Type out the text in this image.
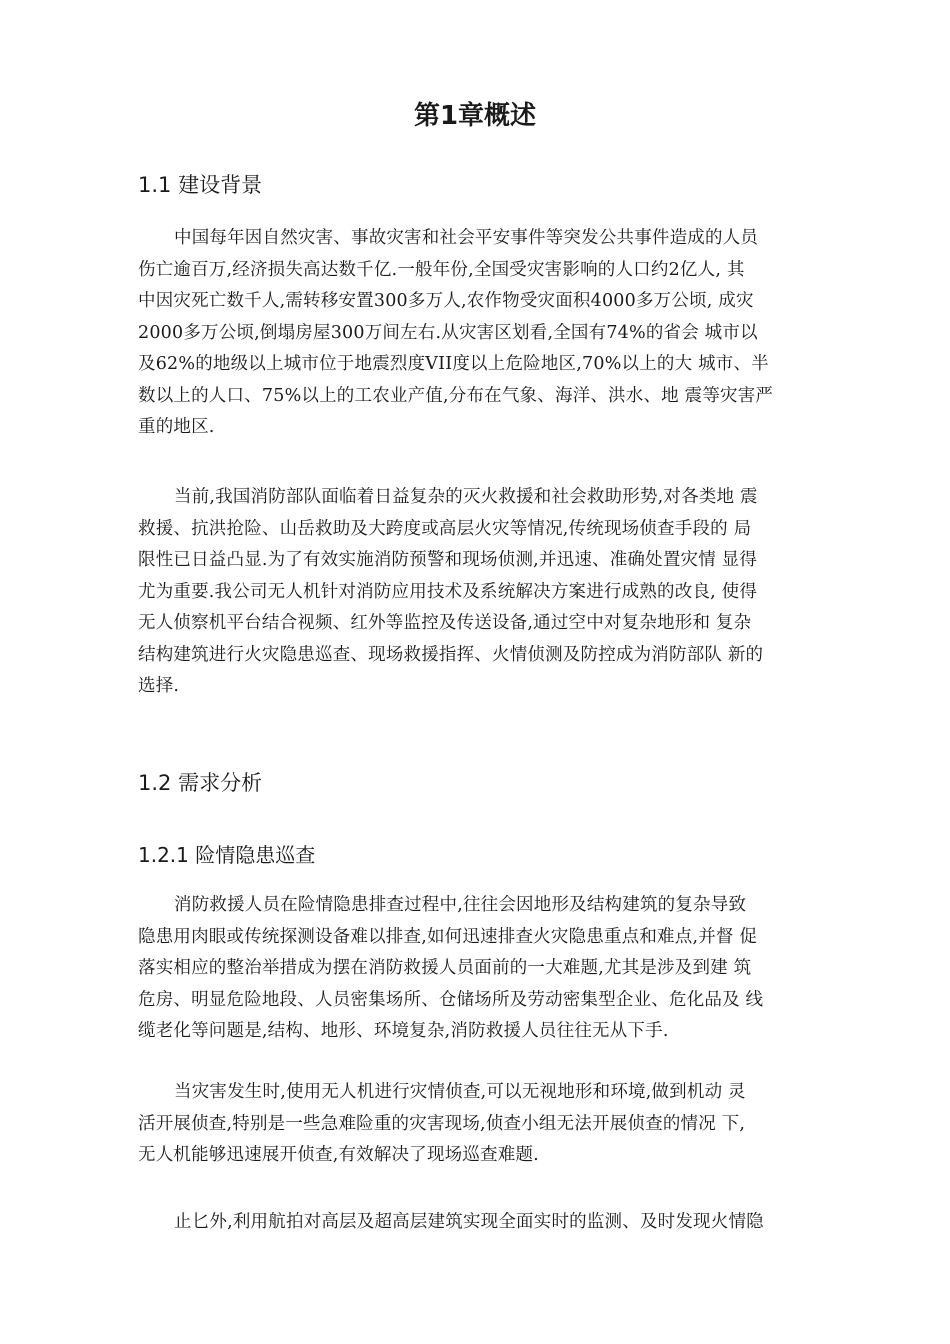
第1章概述
1.1 建设背景
中国每年因自然灾害、事故灾害和社会平安事件等突发公共事件造成的人员
伤亡逾百万,经济损失高达数千亿.一般年份,全国受灾害影响的人口约2亿人, 其
中因灾死亡数千人,需转移安置300多万人,农作物受灾面积4000多万公顷, 成灾
2000多万公顷,倒塌房屋300万间左右.从灾害区划看,全国有74%的省会 城市以
及62%的地级以上城市位于地震烈度VII度以上危险地区,70%以上的大 城市、半
数以上的人口、75%以上的工农业产值,分布在气象、海洋、洪水、地 震等灾害严
重的地区.
当前,我国消防部队面临着日益复杂的灭火救援和社会救助形势,对各类地 震
救援、抗洪抢险、山岳救助及大跨度或高层火灾等情况,传统现场侦查手段的 局
限性已日益凸显.为了有效实施消防预警和现场侦测,并迅速、准确处置灾情 显得
尤为重要.我公司无人机针对消防应用技术及系统解决方案进行成熟的改良, 使得
无人侦察机平台结合视频、红外等监控及传送设备,通过空中对复杂地形和 复杂
结构建筑进行火灾隐患巡查、现场救援指挥、火情侦测及防控成为消防部队 新的
选择.
1.2 需求分析
1.2.1 险情隐患巡查
消防救援人员在险情隐患排查过程中,往往会因地形及结构建筑的复杂导致
隐患用肉眼或传统探测设备难以排查,如何迅速排查火灾隐患重点和难点,并督 促
落实相应的整治举措成为摆在消防救援人员面前的一大难题,尤其是涉及到建 筑
危房、明显危险地段、人员密集场所、仓储场所及劳动密集型企业、危化品及 线
缆老化等问题是,结构、地形、环境复杂,消防救援人员往往无从下手.
当灾害发生时,使用无人机进行灾情侦查,可以无视地形和环境,做到机动 灵
活开展侦查,特别是一些急难险重的灾害现场,侦查小组无法开展侦查的情况 下,
无人机能够迅速展开侦查,有效解决了现场巡查难题.
止匕外,利用航拍对高层及超高层建筑实现全面实时的监测、及时发现火情隐
